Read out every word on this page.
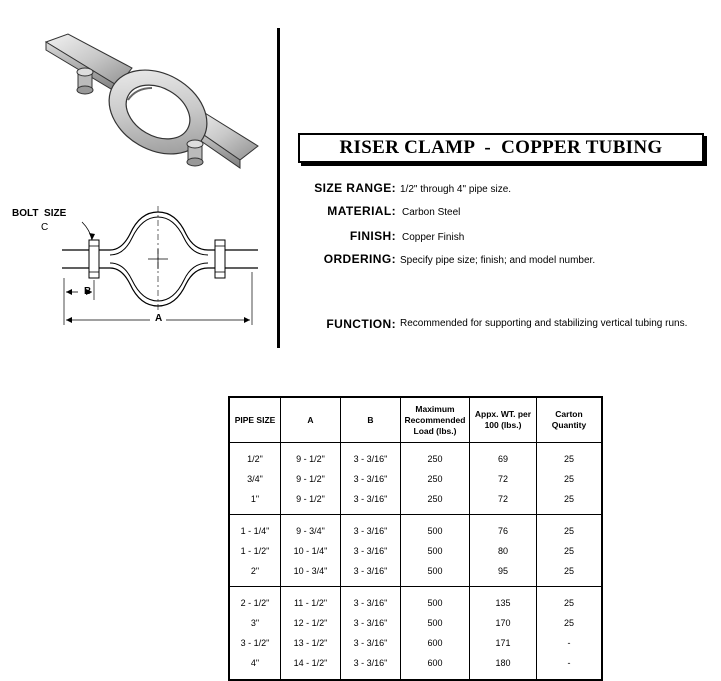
BOLT  SIZE
C
B
A
RISER CLAMP  -  COPPER TUBING
SIZE RANGE: 1/2" through 4" pipe size.
MATERIAL: Carbon Steel
FINISH: Copper Finish
ORDERING: Specify pipe size; finish; and model number.
FUNCTION: Recommended for supporting and stabilizing vertical tubing runs.
PIPE SIZE	A	B	Maximum Recommended Load (lbs.)	Appx. WT. per 100 (lbs.)	Carton Quantity
1/2"	9 - 1/2"	3 - 3/16"	250	69	25
3/4"	9 - 1/2"	3 - 3/16"	250	72	25
1"	9 - 1/2"	3 - 3/16"	250	72	25
1 - 1/4"	9 - 3/4"	3 - 3/16"	500	76	25
1 - 1/2"	10 - 1/4"	3 - 3/16"	500	80	25
2"	10 - 3/4"	3 - 3/16"	500	95	25
2 - 1/2"	11 - 1/2"	3 - 3/16"	500	135	25
3"	12 - 1/2"	3 - 3/16"	500	170	25
3 - 1/2"	13 - 1/2"	3 - 3/16"	600	171	-
4"	14 - 1/2"	3 - 3/16"	600	180	-
